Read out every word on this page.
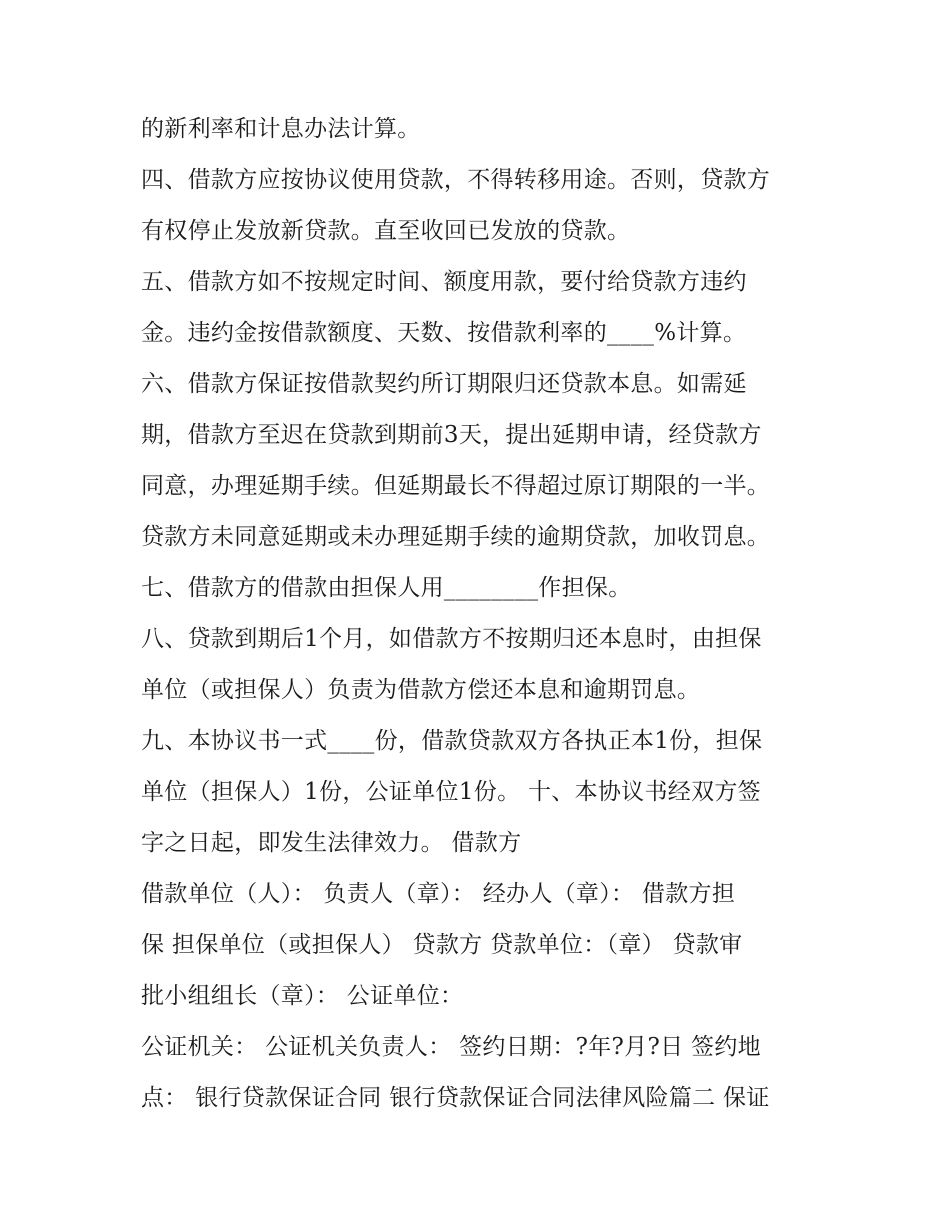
的新利率和计息办法计算。
四、借款方应按协议使用贷款，不得转移用途。否则，贷款方
有权停止发放新贷款。直至收回已发放的贷款。
五、借款方如不按规定时间、额度用款，要付给贷款方违约
金。违约金按借款额度、天数、按借款利率的____%计算。
六、借款方保证按借款契约所订期限归还贷款本息。如需延
期，借款方至迟在贷款到期前3天，提出延期申请，经贷款方
同意，办理延期手续。但延期最长不得超过原订期限的一半。
贷款方未同意延期或未办理延期手续的逾期贷款，加收罚息。
七、借款方的借款由担保人用________作担保。
八、贷款到期后1个月，如借款方不按期归还本息时，由担保
单位（或担保人）负责为借款方偿还本息和逾期罚息。
九、本协议书一式____份，借款贷款双方各执正本1份，担保
单位（担保人）1份，公证单位1份。 十、本协议书经双方签
字之日起，即发生法律效力。 借款方
借款单位（人）： 负责人（章）： 经办人（章）： 借款方担
保 担保单位（或担保人） 贷款方 贷款单位：（章） 贷款审
批小组组长（章）： 公证单位：
公证机关： 公证机关负责人： 签约日期：?年?月?日 签约地
点： 银行贷款保证合同 银行贷款保证合同法律风险篇二 保证
